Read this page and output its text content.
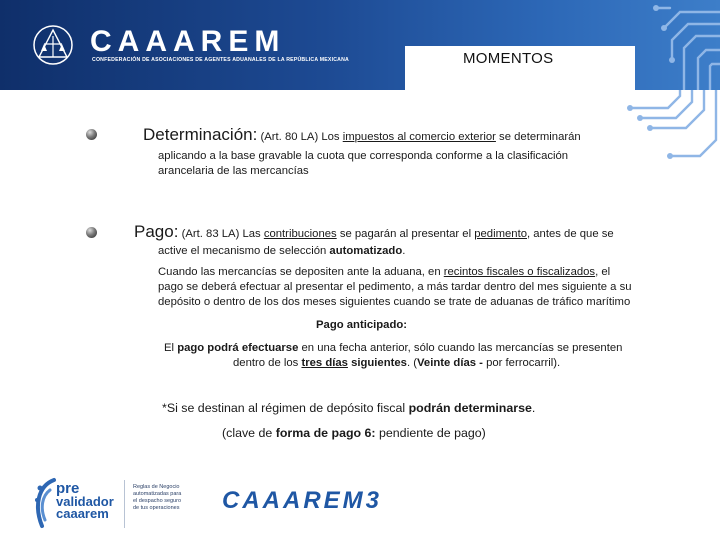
CAAAREM
CONFEDERACIÓN DE ASOCIACIONES DE AGENTES ADUANALES DE LA REPÚBLICA MEXICANA	MOMENTOS
Determinación: (Art. 80 LA) Los impuestos al comercio exterior se determinarán
aplicando a la base gravable la cuota que corresponda conforme a la clasificación
arancelaria de las mercancías
Pago: (Art. 83 LA) Las contribuciones se pagarán al presentar el pedimento, antes de que se
active el mecanismo de selección automatizado.
Cuando las mercancías se depositen ante la aduana, en recintos fiscales o fiscalizados, el
pago se deberá efectuar al presentar el pedimento, a más tardar dentro del mes siguiente a su
depósito o dentro de los dos meses siguientes cuando se trate de aduanas de tráfico marítimo
Pago anticipado:
El pago podrá efectuarse en una fecha anterior, sólo cuando las mercancías se presenten
dentro de los tres días siguientes. (Veinte días - por ferrocarril).
*Si se destinan al régimen de depósito fiscal podrán determinarse.
(clave de forma de pago 6: pendiente de pago)
pre
validador
caaarem
Reglas de Negocio
automatizadas para
el despacho seguro
de tus operaciones CAAAREM3
